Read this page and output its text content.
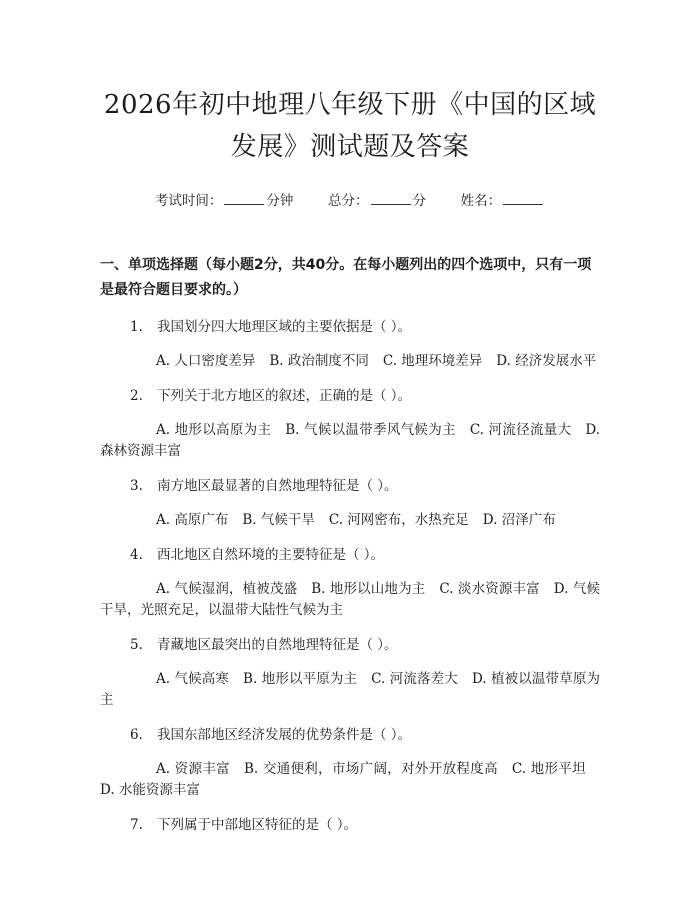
2026年初中地理八年级下册《中国的区域发展》测试题及答案
考试时间：	分钟	总分：	分	姓名：
一、单项选择题（每小题2分，共40分。在每小题列出的四个选项中，只有一项是最符合题目要求的。）
1. 我国划分四大地理区域的主要依据是（ ）。
A. 人口密度差异 B. 政治制度不同 C. 地理环境差异 D. 经济发展水平
2. 下列关于北方地区的叙述，正确的是（ ）。
A. 地形以高原为主 B. 气候以温带季风气候为主 C. 河流径流量大 D. 森林资源丰富
3. 南方地区最显著的自然地理特征是（ ）。
A. 高原广布 B. 气候干旱 C. 河网密布，水热充足 D. 沼泽广布
4. 西北地区自然环境的主要特征是（ ）。
A. 气候湿润，植被茂盛 B. 地形以山地为主 C. 淡水资源丰富 D. 气候干旱，光照充足，以温带大陆性气候为主
5. 青藏地区最突出的自然地理特征是（ ）。
A. 气候高寒 B. 地形以平原为主 C. 河流落差大 D. 植被以温带草原为主
6. 我国东部地区经济发展的优势条件是（ ）。
A. 资源丰富 B. 交通便利，市场广阔，对外开放程度高 C. 地形平坦D. 水能资源丰富
7. 下列属于中部地区特征的是（ ）。
